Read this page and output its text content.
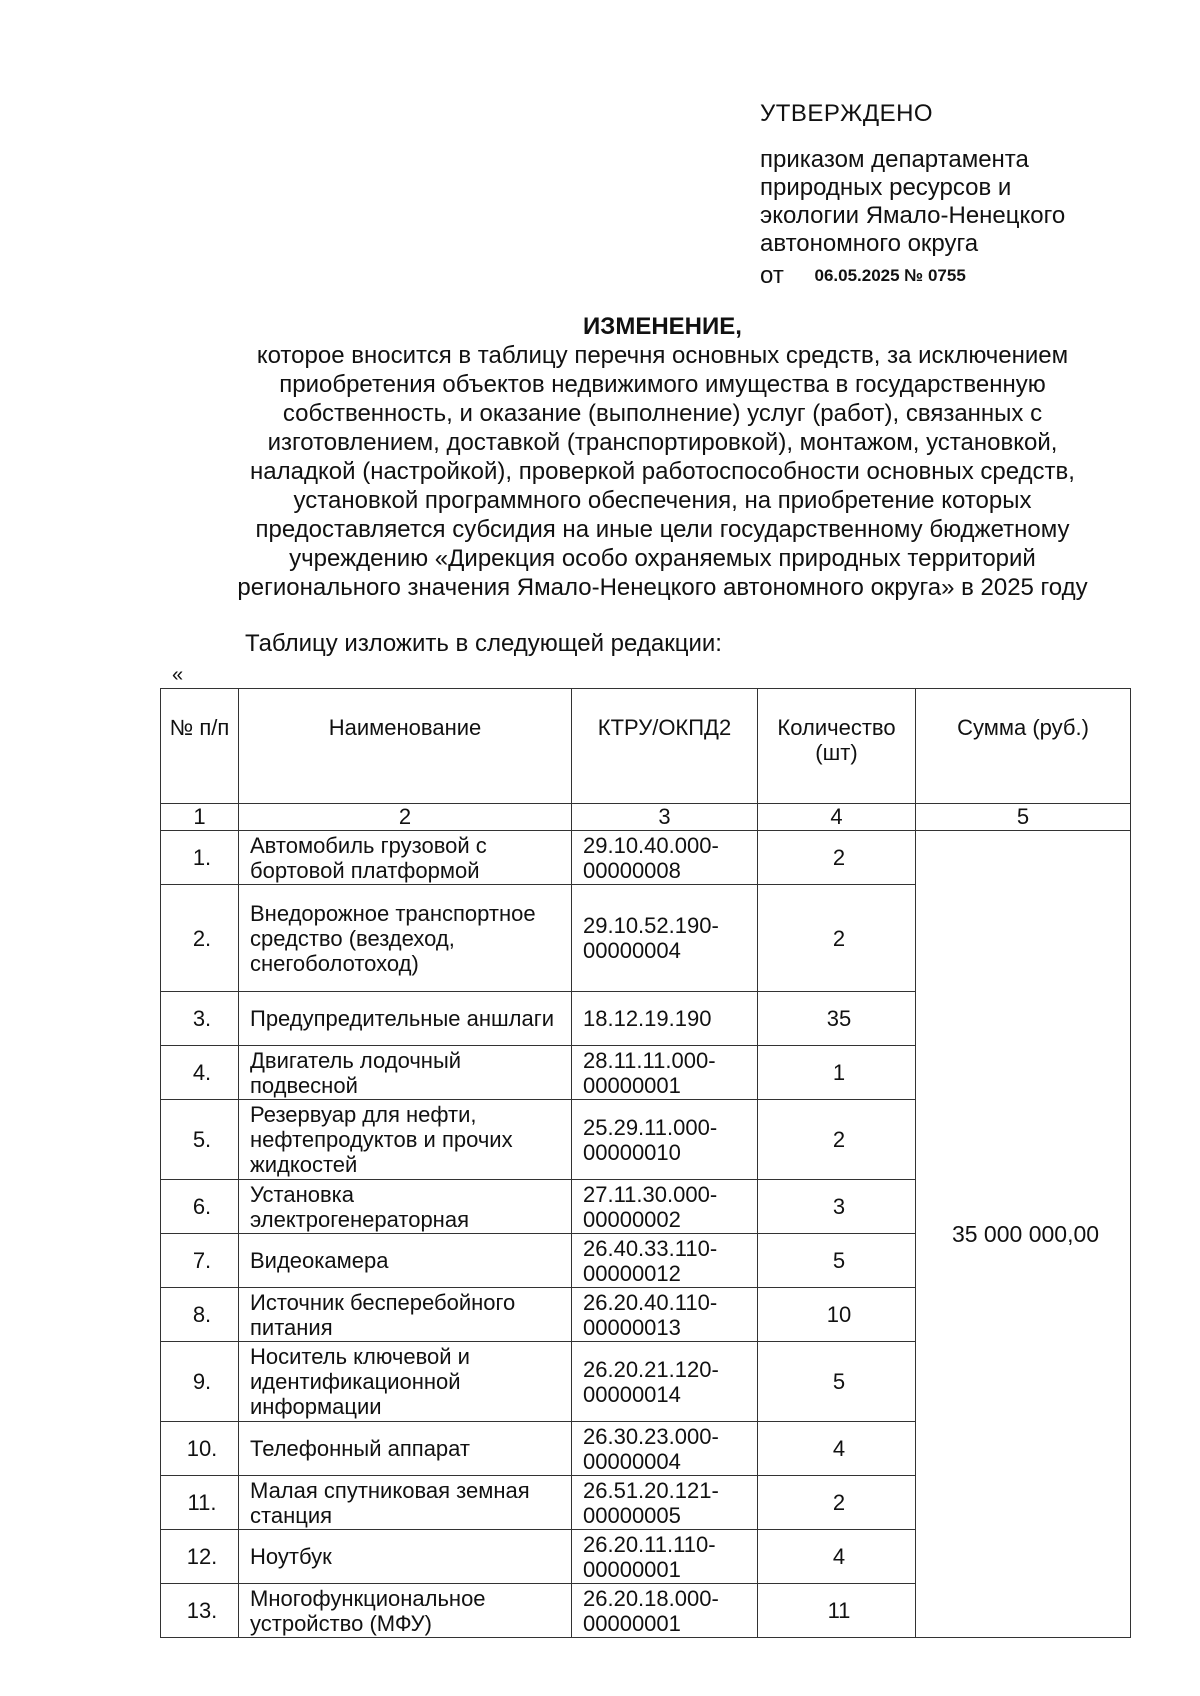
УТВЕРЖДЕНО
приказом департамента
природных ресурсов и
экологии Ямало-Ненецкого
автономного округа
от 06.05.2025 № 0755
ИЗМЕНЕНИЕ,
которое вносится в таблицу перечня основных средств, за исключением
приобретения объектов недвижимого имущества в государственную
собственность, и оказание (выполнение) услуг (работ), связанных с
изготовлением, доставкой (транспортировкой), монтажом, установкой,
наладкой (настройкой), проверкой работоспособности основных средств,
установкой программного обеспечения, на приобретение которых
предоставляется субсидия на иные цели государственному бюджетному
учреждению «Дирекция особо охраняемых природных территорий
регионального значения Ямало-Ненецкого автономного округа» в 2025 году
Таблицу изложить в следующей редакции:
«
№ п/п	Наименование	КТРУ/ОКПД2	Количество (шт)	Сумма (руб.)
1	2	3	4	5
1.	Автомобиль грузовой с бортовой платформой	29.10.40.000-00000008	2	35 000 000,00
2.	Внедорожное транспортное средство (вездеход, снегоболотоход)	29.10.52.190-00000004	2	
3.	Предупредительные аншлаги	18.12.19.190	35	
4.	Двигатель лодочный подвесной	28.11.11.000-00000001	1	
5.	Резервуар для нефти, нефтепродуктов и прочих жидкостей	25.29.11.000-00000010	2	
6.	Установка электрогенераторная	27.11.30.000-00000002	3	
7.	Видеокамера	26.40.33.110-00000012	5	
8.	Источник бесперебойного питания	26.20.40.110-00000013	10	
9.	Носитель ключевой и идентификационной информации	26.20.21.120-00000014	5	
10.	Телефонный аппарат	26.30.23.000-00000004	4	
11.	Малая спутниковая земная станция	26.51.20.121-00000005	2	
12.	Ноутбук	26.20.11.110-00000001	4	
13.	Многофункциональное устройство (МФУ)	26.20.18.000-00000001	11	
